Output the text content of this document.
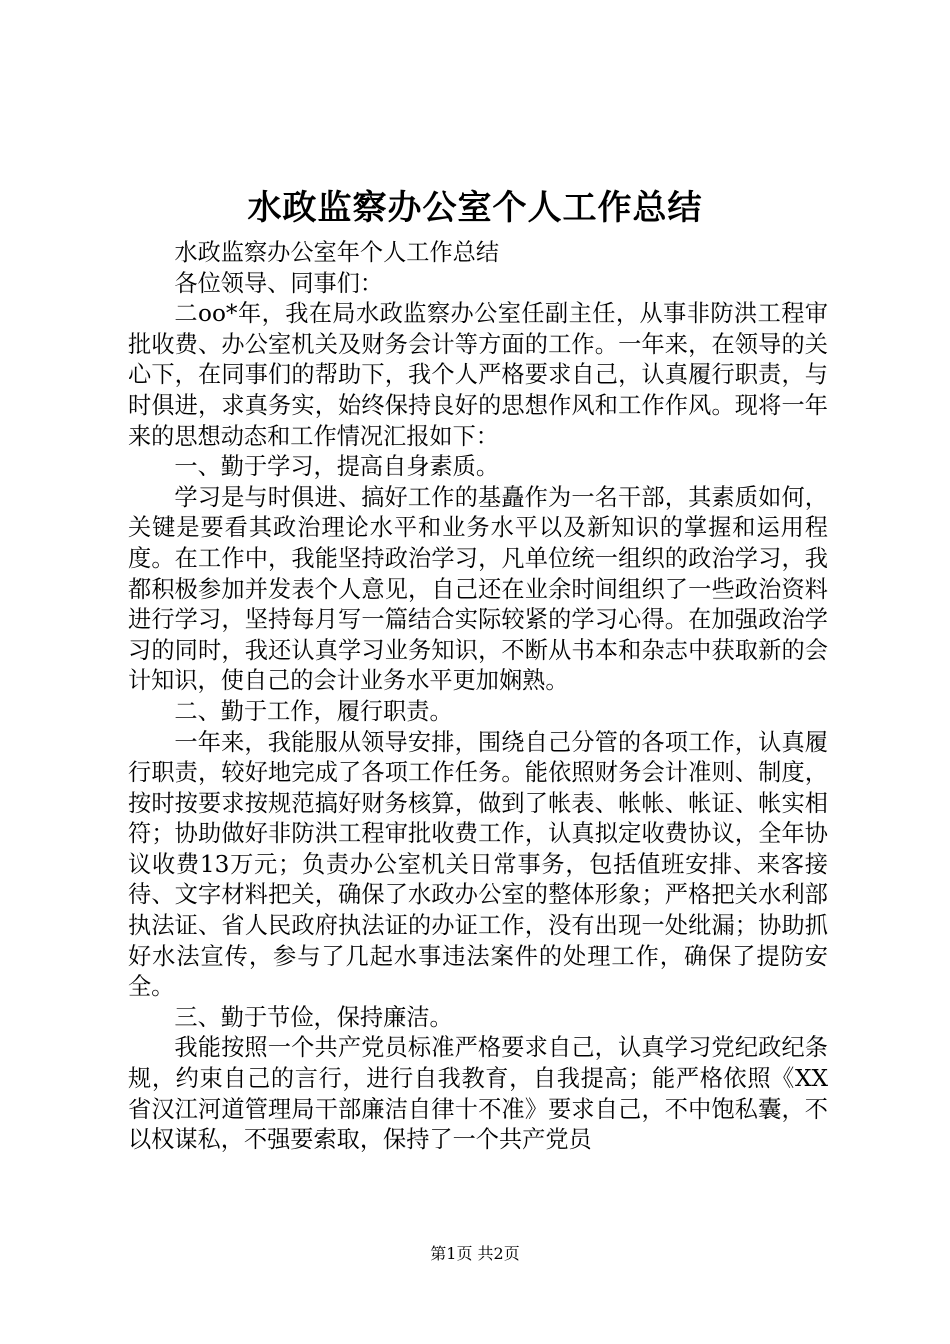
水政监察办公室个人工作总结

水政监察办公室年个人工作总结

各位领导、同事们：

二oo*年，我在局水政监察办公室任副主任，从事非防洪工程审批收费、办公室机关及财务会计等方面的工作。一年来，在领导的关心下，在同事们的帮助下，我个人严格要求自己，认真履行职责，与时俱进，求真务实，始终保持良好的思想作风和工作作风。现将一年来的思想动态和工作情况汇报如下：

一、勤于学习，提高自身素质。

学习是与时俱进、搞好工作的基矗作为一名干部，其素质如何，关键是要看其政治理论水平和业务水平以及新知识的掌握和运用程度。在工作中，我能坚持政治学习，凡单位统一组织的政治学习，我都积极参加并发表个人意见，自己还在业余时间组织了一些政治资料进行学习，坚持每月写一篇结合实际较紧的学习心得。在加强政治学习的同时，我还认真学习业务知识，不断从书本和杂志中获取新的会计知识，使自己的会计业务水平更加娴熟。

二、勤于工作，履行职责。

一年来，我能服从领导安排，围绕自己分管的各项工作，认真履行职责，较好地完成了各项工作任务。能依照财务会计准则、制度，按时按要求按规范搞好财务核算，做到了帐表、帐帐、帐证、帐实相符；协助做好非防洪工程审批收费工作，认真拟定收费协议，全年协议收费13万元；负责办公室机关日常事务，包括值班安排、来客接待、文字材料把关，确保了水政办公室的整体形象；严格把关水利部执法证、省人民政府执法证的办证工作，没有出现一处纰漏；协助抓好水法宣传，参与了几起水事违法案件的处理工作，确保了提防安全。

三、勤于节俭，保持廉洁。

我能按照一个共产党员标准严格要求自己，认真学习党纪政纪条规，约束自己的言行，进行自我教育，自我提高；能严格依照《XX省汉江河道管理局干部廉洁自律十不准》要求自己，不中饱私囊，不以权谋私，不强要索取，保持了一个共产党员

第1页 共2页
